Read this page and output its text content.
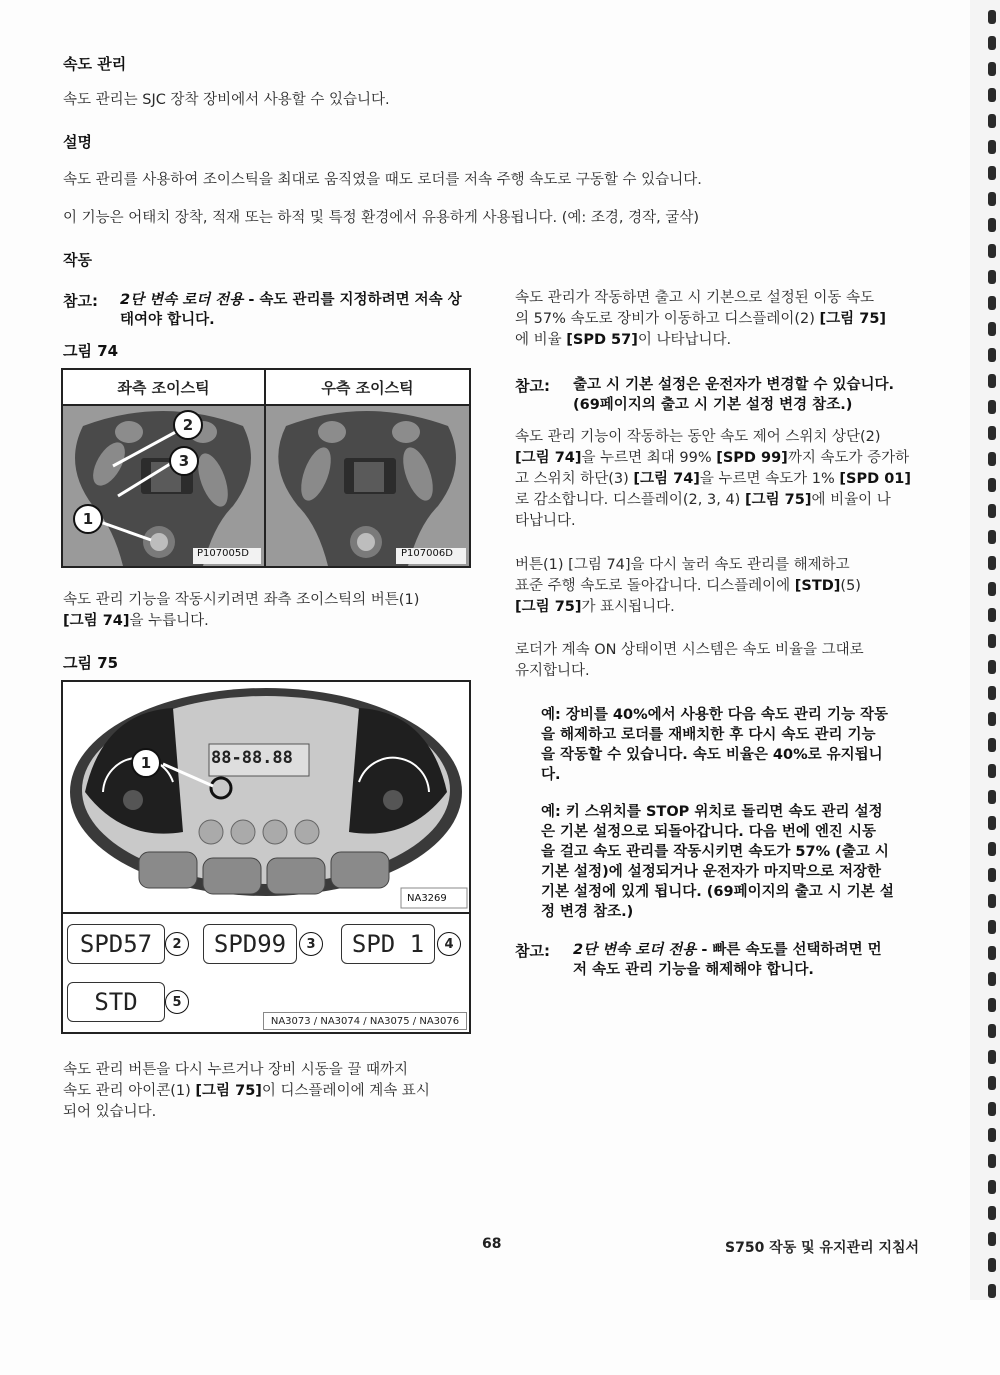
속도 관리
속도 관리는 SJC 장착 장비에서 사용할 수 있습니다.
설명
속도 관리를 사용하여 조이스틱을 최대로 움직였을 때도 로더를 저속 주행 속도로 구동할 수 있습니다.
이 기능은 어태치 장착, 적재 또는 하적 및 특정 환경에서 유용하게 사용됩니다. (예: 조경, 경작, 굴삭)
작동
참고: 2단 변속 로더 전용 - 속도 관리를 지정하려면 저속 상태여야 합니다.
그림 74
좌측 조이스틱	우측 조이스틱
2
3
1
P107005D	P107006D
속도 관리 기능을 작동시키려면 좌측 조이스틱의 버튼(1)
[그림 74]을 누릅니다.
그림 75
88-88.88
1
NA3269
SPD57	2	SPD99	3	SPD 1	4
STD	5
NA3073 / NA3074 / NA3075 / NA3076
속도 관리 버튼을 다시 누르거나 장비 시동을 끌 때까지
속도 관리 아이콘(1) [그림 75]이 디스플레이에 계속 표시
되어 있습니다.
속도 관리가 작동하면 출고 시 기본으로 설정된 이동 속도
의 57% 속도로 장비가 이동하고 디스플레이(2) [그림 75]
에 비율 [SPD 57]이 나타납니다.
참고: 출고 시 기본 설정은 운전자가 변경할 수 있습니다.
(69페이지의 출고 시 기본 설정 변경 참조.)
속도 관리 기능이 작동하는 동안 속도 제어 스위치 상단(2)
[그림 74]을 누르면 최대 99% [SPD 99]까지 속도가 증가하
고 스위치 하단(3) [그림 74]을 누르면 속도가 1% [SPD 01]
로 감소합니다. 디스플레이(2, 3, 4) [그림 75]에 비율이 나
타납니다.
버튼(1) [그림 74]을 다시 눌러 속도 관리를 해제하고
표준 주행 속도로 돌아갑니다. 디스플레이에 [STD](5)
[그림 75]가 표시됩니다.
로더가 계속 ON 상태이면 시스템은 속도 비율을 그대로
유지합니다.
예: 장비를 40%에서 사용한 다음 속도 관리 기능 작동
을 해제하고 로더를 재배치한 후 다시 속도 관리 기능
을 작동할 수 있습니다. 속도 비율은 40%로 유지됩니
다.
예: 키 스위치를 STOP 위치로 돌리면 속도 관리 설정
은 기본 설정으로 되돌아갑니다. 다음 번에 엔진 시동
을 걸고 속도 관리를 작동시키면 속도가 57% (출고 시
기본 설정)에 설정되거나 운전자가 마지막으로 저장한
기본 설정에 있게 됩니다. (69페이지의 출고 시 기본 설
정 변경 참조.)
참고: 2단 변속 로더 전용 - 빠른 속도를 선택하려면 먼
저 속도 관리 기능을 해제해야 합니다.
68	S750 작동 및 유지관리 지침서
